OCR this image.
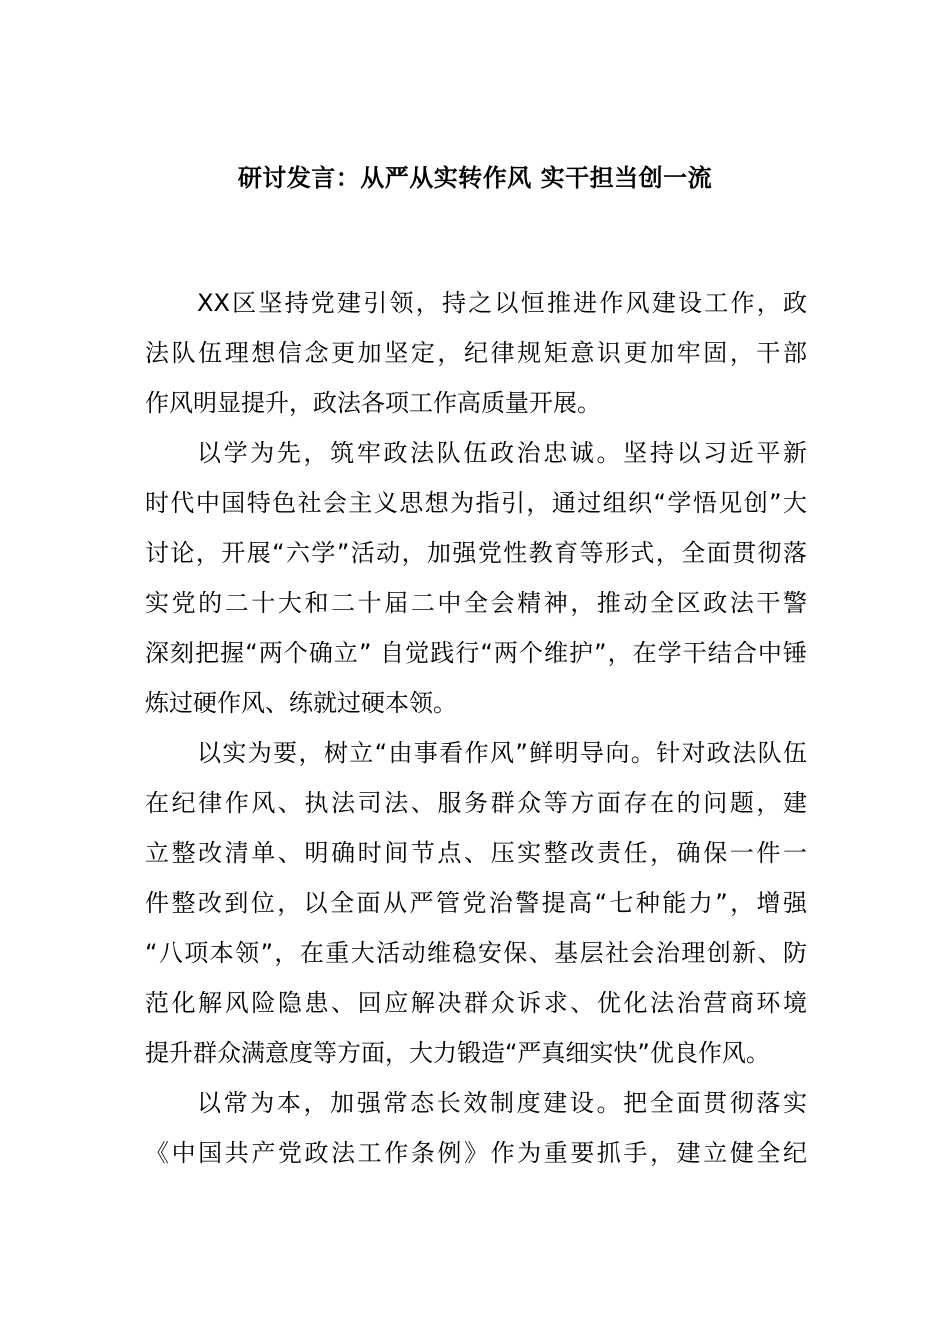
研讨发言：从严从实转作风 实干担当创一流
XX区坚持党建引领，持之以恒推进作风建设工作，政
法队伍理想信念更加坚定，纪律规矩意识更加牢固，干部
作风明显提升，政法各项工作高质量开展。
以学为先，筑牢政法队伍政治忠诚。坚持以习近平新
时代中国特色社会主义思想为指引，通过组织“学悟见创”大
讨论，开展“六学”活动，加强党性教育等形式，全面贯彻落
实党的二十大和二十届二中全会精神，推动全区政法干警
深刻把握“两个确立” 自觉践行“两个维护”，在学干结合中锤
炼过硬作风、练就过硬本领。
以实为要，树立“由事看作风”鲜明导向。针对政法队伍
在纪律作风、执法司法、服务群众等方面存在的问题，建
立整改清单、明确时间节点、压实整改责任，确保一件一
件整改到位，以全面从严管党治警提高“七种能力”，增强
“八项本领”，在重大活动维稳安保、基层社会治理创新、防
范化解风险隐患、回应解决群众诉求、优化法治营商环境
提升群众满意度等方面，大力锻造“严真细实快”优良作风。
以常为本，加强常态长效制度建设。把全面贯彻落实
《中国共产党政法工作条例》作为重要抓手，建立健全纪
